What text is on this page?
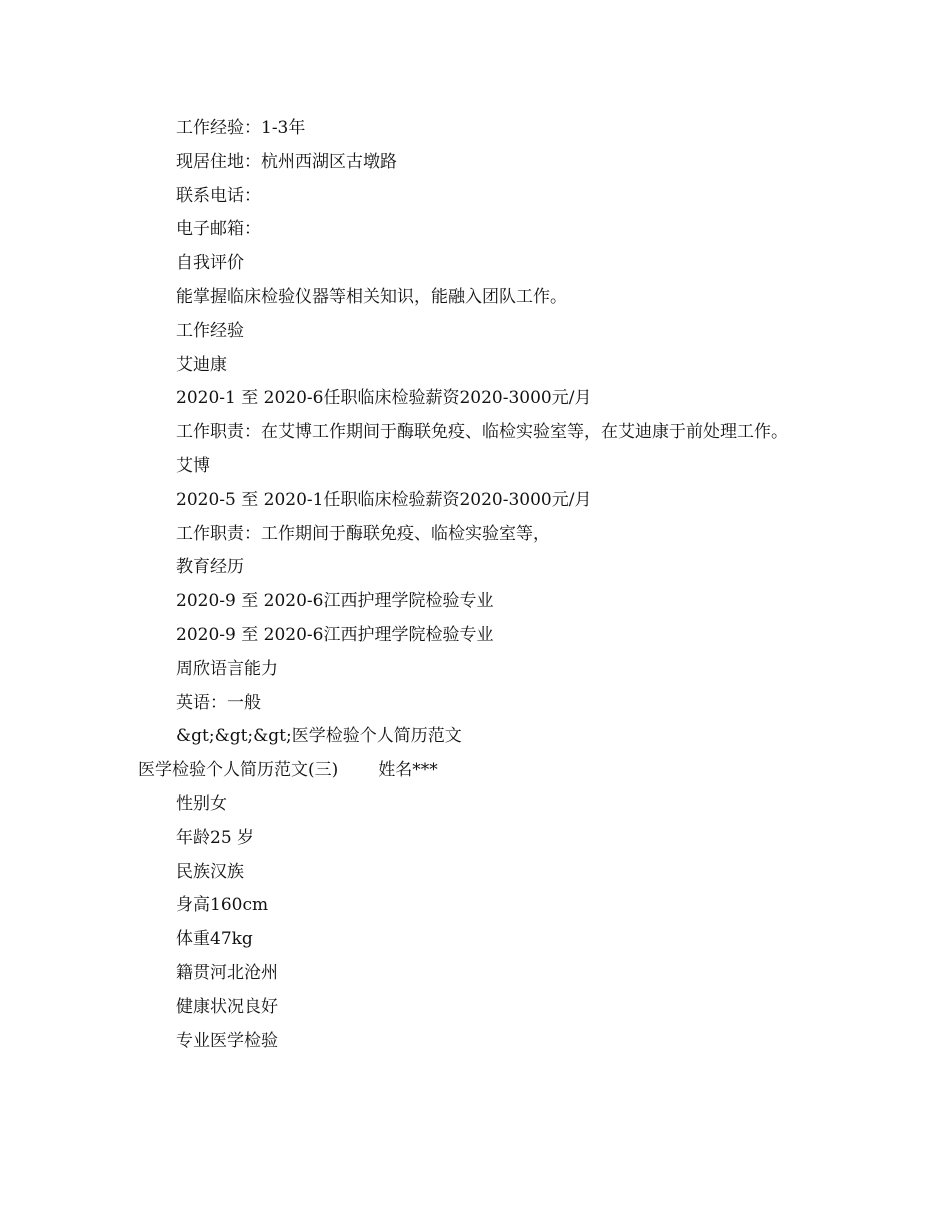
工作经验：1-3年
现居住地：杭州西湖区古墩路
联系电话：
电子邮箱：
自我评价
能掌握临床检验仪器等相关知识，能融入团队工作。
工作经验
艾迪康
2020-1 至 2020-6任职临床检验薪资2020-3000元/月
工作职责：在艾博工作期间于酶联免疫、临检实验室等，在艾迪康于前处理工作。
艾博
2020-5 至 2020-1任职临床检验薪资2020-3000元/月
工作职责：工作期间于酶联免疫、临检实验室等，
教育经历
2020-9 至 2020-6江西护理学院检验专业
2020-9 至 2020-6江西护理学院检验专业
周欣语言能力
英语：一般
&gt;&gt;&gt;医学检验个人简历范文
医学检验个人简历范文(三) 姓名***
性别女
年龄25 岁
民族汉族
身高160cm
体重47kg
籍贯河北沧州
健康状况良好
专业医学检验
